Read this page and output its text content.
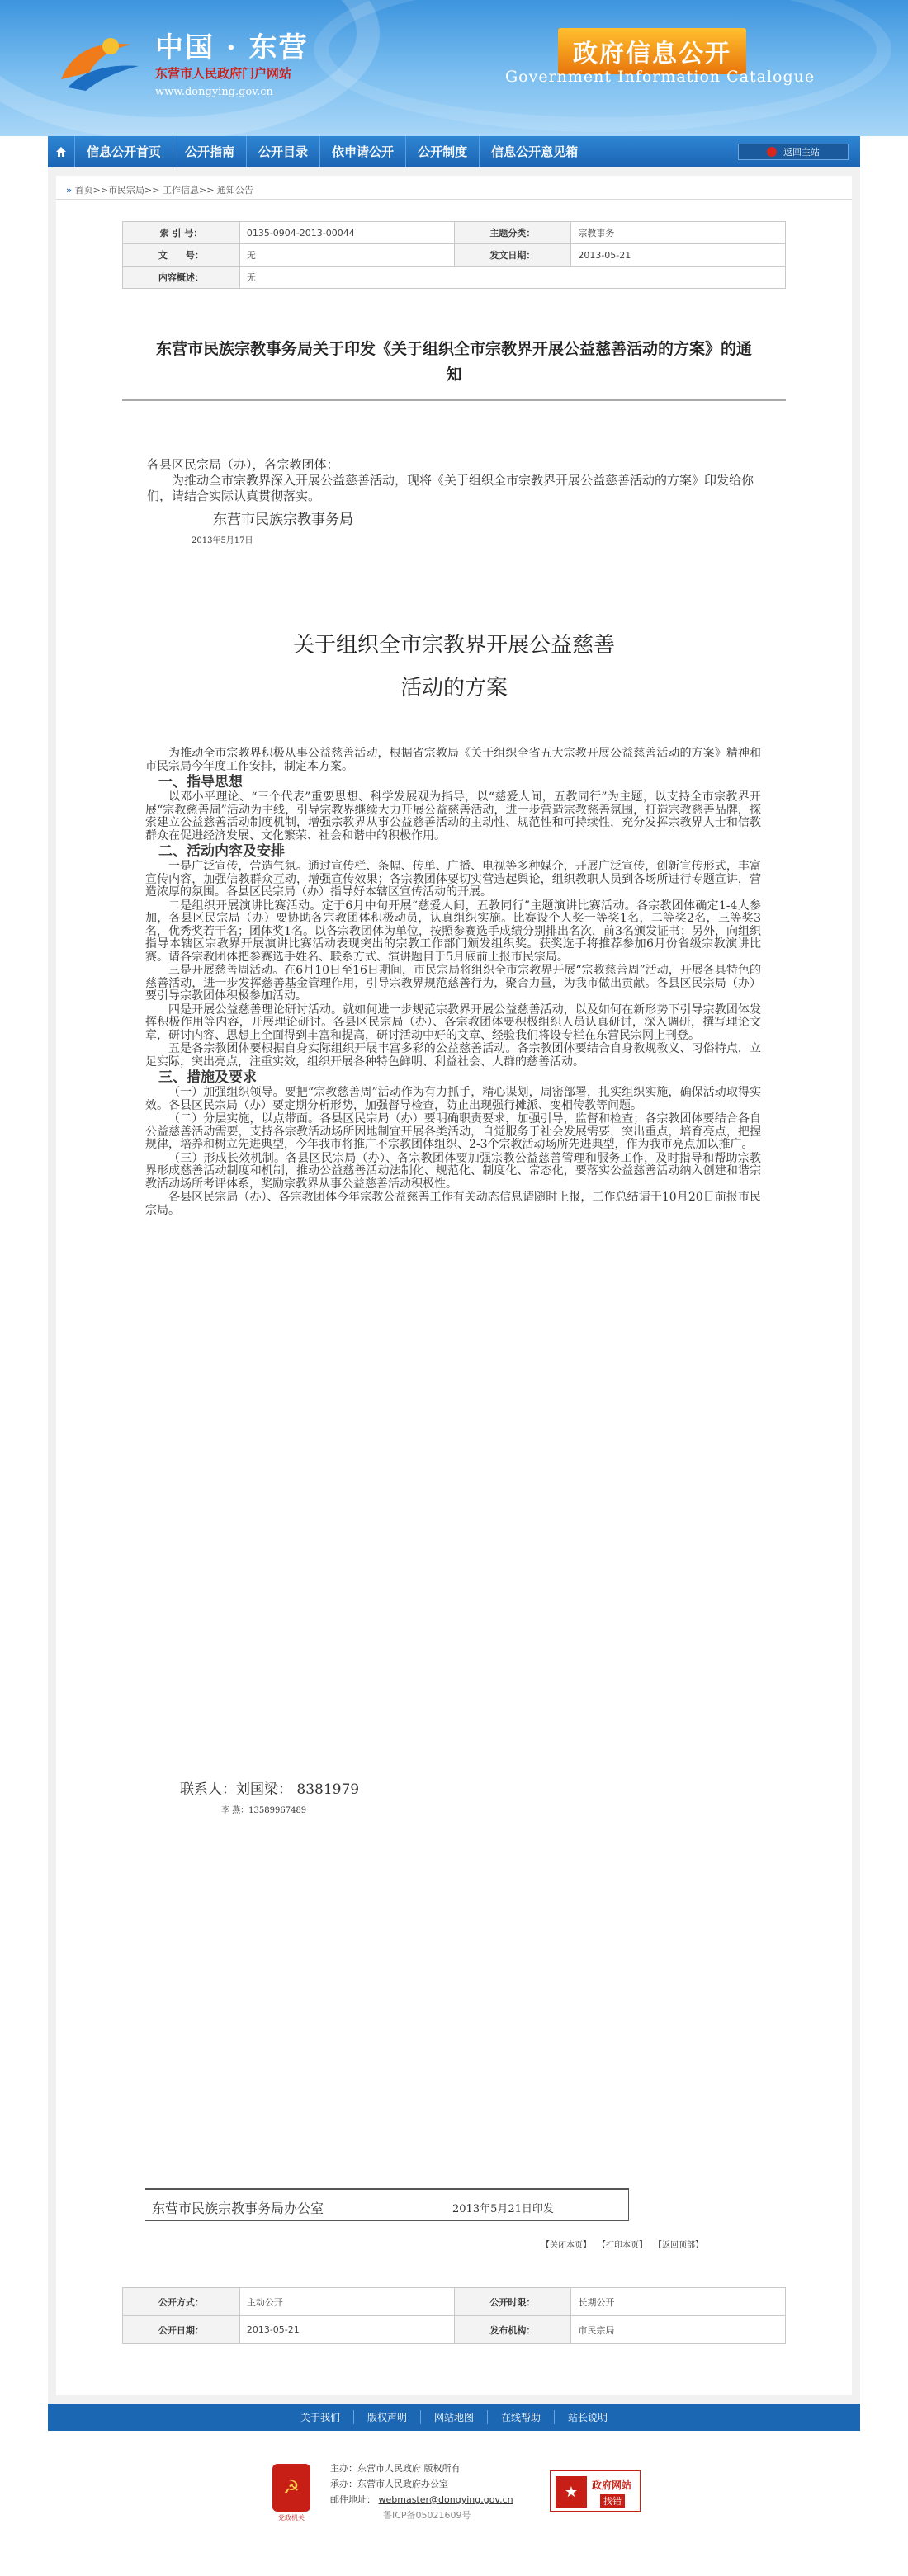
中国 · 东营
东营市人民政府门户网站
www.dongying.gov.cn
政府信息公开
Government Information Catalogue
信息公开首页	公开指南	公开目录	依申请公开	公开制度	信息公开意见箱	返回主站
» 首页>>市民宗局>> 工作信息>> 通知公告
索 引 号：	0135-0904-2013-00044	主题分类：	宗教事务
文　　号：	无	发文日期：	2013-05-21
内容概述：	无		
东营市民族宗教事务局关于印发《关于组织全市宗教界开展公益慈善活动的方案》的通知
各县区民宗局（办），各宗教团体：
为推动全市宗教界深入开展公益慈善活动，现将《关于组织全市宗教界开展公益慈善活动的方案》印发给你们，请结合实际认真贯彻落实。
东营市民族宗教事务局
2013年5月17日
关于组织全市宗教界开展公益慈善
活动的方案

为推动全市宗教界积极从事公益慈善活动，根据省宗教局《关于组织全省五大宗教开展公益慈善活动的方案》精神和市民宗局今年度工作安排，制定本方案。

一、指导思想

以邓小平理论、“三个代表”重要思想、科学发展观为指导，以“慈爱人间，五教同行”为主题，以支持全市宗教界开展“宗教慈善周”活动为主线，引导宗教界继续大力开展公益慈善活动，进一步营造宗教慈善氛围，打造宗教慈善品牌，探索建立公益慈善活动制度机制，增强宗教界从事公益慈善活动的主动性、规范性和可持续性，充分发挥宗教界人士和信教群众在促进经济发展、文化繁荣、社会和谐中的积极作用。

二、活动内容及安排

一是广泛宣传，营造气氛。通过宣传栏、条幅、传单、广播、电视等多种媒介，开展广泛宣传，创新宣传形式，丰富宣传内容，加强信教群众互动，增强宣传效果；各宗教团体要切实营造起舆论，组织教职人员到各场所进行专题宣讲，营造浓厚的氛围。各县区民宗局（办）指导好本辖区宣传活动的开展。

二是组织开展演讲比赛活动。定于6月中旬开展“慈爱人间，五教同行”主题演讲比赛活动。各宗教团体确定1-4人参加，各县区民宗局（办）要协助各宗教团体积极动员，认真组织实施。比赛设个人奖一等奖1名，二等奖2名，三等奖3名，优秀奖若干名；团体奖1名。以各宗教团体为单位，按照参赛选手成绩分别排出名次，前3名颁发证书；另外，向组织指导本辖区宗教界开展演讲比赛活动表现突出的宗教工作部门颁发组织奖。获奖选手将推荐参加6月份省级宗教演讲比赛。请各宗教团体把参赛选手姓名、联系方式、演讲题目于5月底前上报市民宗局。

三是开展慈善周活动。在6月10日至16日期间，市民宗局将组织全市宗教界开展“宗教慈善周”活动，开展各具特色的慈善活动，进一步发挥慈善基金管理作用，引导宗教界规范慈善行为，聚合力量，为我市做出贡献。各县区民宗局（办）要引导宗教团体积极参加活动。

四是开展公益慈善理论研讨活动。就如何进一步规范宗教界开展公益慈善活动，以及如何在新形势下引导宗教团体发挥积极作用等内容，开展理论研讨。各县区民宗局（办）、各宗教团体要积极组织人员认真研讨，深入调研，撰写理论文章，研讨内容、思想上全面得到丰富和提高，研讨活动中好的文章、经验我们将设专栏在东营民宗网上刊登。

五是各宗教团体要根据自身实际组织开展丰富多彩的公益慈善活动。各宗教团体要结合自身教规教义、习俗特点，立足实际，突出亮点，注重实效，组织开展各种特色鲜明、利益社会、人群的慈善活动。

三、措施及要求

（一）加强组织领导。要把“宗教慈善周”活动作为有力抓手，精心谋划，周密部署，扎实组织实施，确保活动取得实效。各县区民宗局（办）要定期分析形势，加强督导检查，防止出现强行摊派、变相传教等问题。

（二）分层实施，以点带面。各县区民宗局（办）要明确职责要求，加强引导，监督和检查；各宗教团体要结合各自公益慈善活动需要，支持各宗教活动场所因地制宜开展各类活动，自觉服务于社会发展需要，突出重点，培育亮点，把握规律，培养和树立先进典型，今年我市将推广不宗教团体组织、2-3个宗教活动场所先进典型，作为我市亮点加以推广。

（三）形成长效机制。各县区民宗局（办）、各宗教团体要加强宗教公益慈善管理和服务工作，及时指导和帮助宗教界形成慈善活动制度和机制，推动公益慈善活动法制化、规范化、制度化、常态化，要落实公益慈善活动纳入创建和谐宗教活动场所考评体系，奖励宗教界从事公益慈善活动积极性。

各县区民宗局（办）、各宗教团体今年宗教公益慈善工作有关动态信息请随时上报，工作总结请于10月20日前报市民宗局。

联系人：刘国梁： 8381979
李 燕：13589967489
东营市民族宗教事务局办公室	2013年5月21日印发
【关闭本页】 【打印本页】 【返回顶部】
公开方式：	主动公开	公开时限：	长期公开
公开日期：	2013-05-21	发布机构：	市民宗局
关于我们	版权声明	网站地图	在线帮助	站长说明
☭
党政机关
主办：东营市人民政府 版权所有
承办：东营市人民政府办公室
邮件地址： webmaster@dongying.gov.cn
鲁ICP备05021609号
★	政府网站
找错
